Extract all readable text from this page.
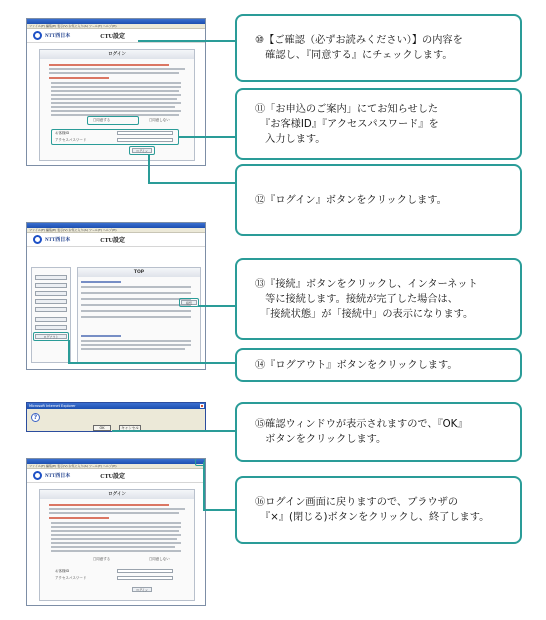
ファイル(F) 編集(E) 表示(V) お気に入り(A) ツール(T) ヘルプ(H)
NTT西日本	CTU設定
ログイン
□同意する	□同意しない
お客様ID
アクセスパスワード
ログイン
ファイル(F) 編集(E) 表示(V) お気に入り(A) ツール(T) ヘルプ(H)
NTT西日本	CTU設定
ログアウト
TOP
接続
Microsoft Internet Explorer
?
OK	キャンセル
ファイル(F) 編集(E) 表示(V) お気に入り(A) ツール(T) ヘルプ(H)
NTT西日本	CTU設定
ログイン
□同意する	□同意しない
お客様ID
アクセスパスワード
ログイン
⑩【ご確認（必ずお読みください）】の内容を
　確認し、『同意する』にチェックします。
⑪「お申込のご案内」にてお知らせした
　『お客様ID』『アクセスパスワード』を
　入力します。
⑫『ログイン』ボタンをクリックします。
⑬『接続』ボタンをクリックし、インターネット
　等に接続します。接続が完了した場合は、
　「接続状態」が「接続中」の表示になります。
⑭『ログアウト』ボタンをクリックします。
⑮確認ウィンドウが表示されますので、『OK』
　ボタンをクリックします。
⑯ログイン画面に戻りますので、ブラウザの
　『×』(閉じる)ボタンをクリックし、終了します。
